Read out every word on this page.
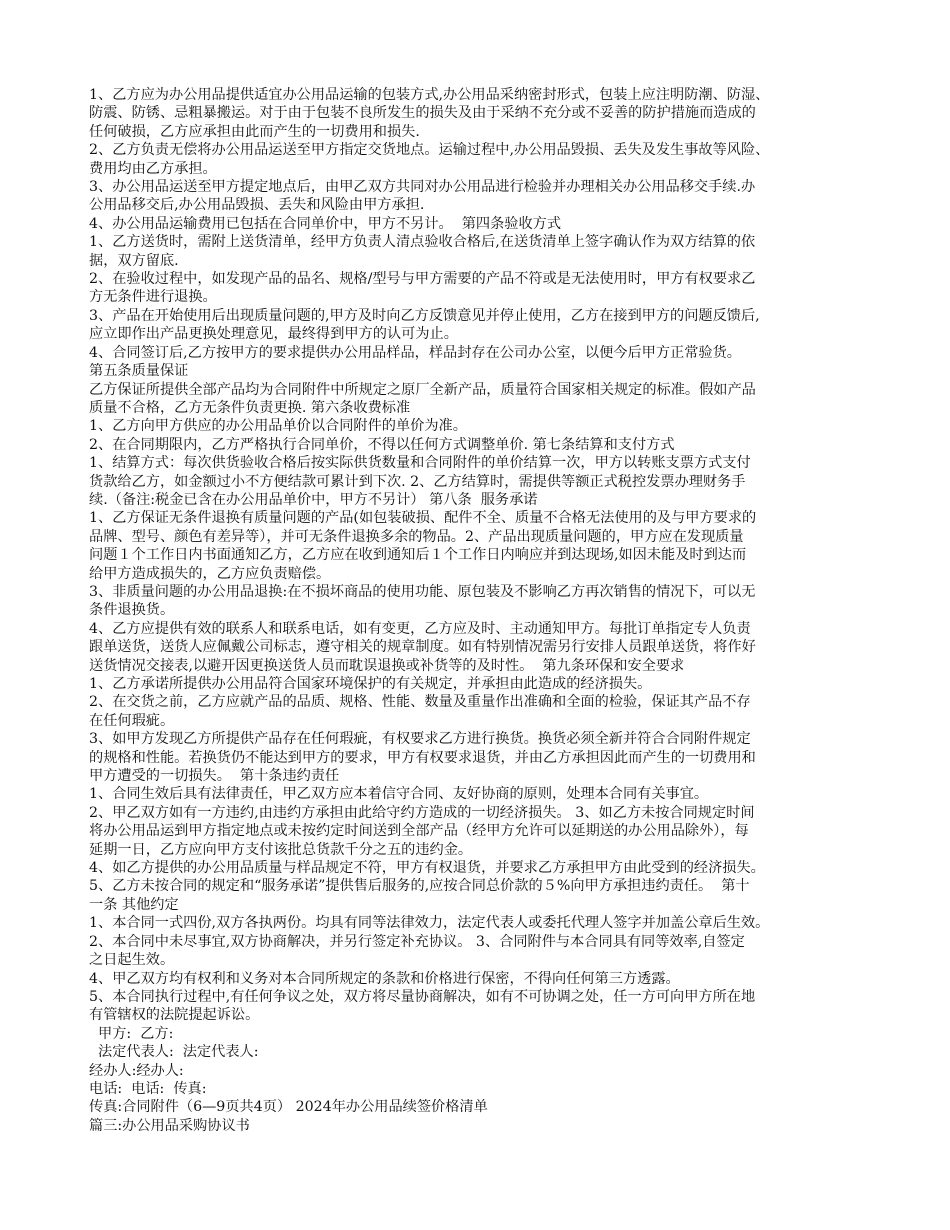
1、乙方应为办公用品提供适宜办公用品运输的包装方式,办公用品采纳密封形式，包装上应注明防潮、防湿、
防震、防锈、忌粗暴搬运。对于由于包装不良所发生的损失及由于采纳不充分或不妥善的防护措施而造成的
任何破损，乙方应承担由此而产生的一切费用和损失.
2、乙方负责无偿将办公用品运送至甲方指定交货地点。运输过程中,办公用品毁损、丢失及发生事故等风险、
费用均由乙方承担。
3、办公用品运送至甲方提定地点后，由甲乙双方共同对办公用品进行检验并办理相关办公用品移交手续.办
公用品移交后,办公用品毁损、丢失和风险由甲方承担.
4、办公用品运输费用已包括在合同单价中，甲方不另计。  第四条验收方式
1、乙方送货时，需附上送货清单，经甲方负责人清点验收合格后,在送货清单上签字确认作为双方结算的依
据，双方留底.
2、在验收过程中，如发现产品的品名、规格/型号与甲方需要的产品不符或是无法使用时，甲方有权要求乙
方无条件进行退换。
3、产品在开始使用后出现质量问题的,甲方及时向乙方反馈意见并停止使用，乙方在接到甲方的问题反馈后,
应立即作出产品更换处理意见，最终得到甲方的认可为止。
4、合同签订后,乙方按甲方的要求提供办公用品样品，样品封存在公司办公室，以便今后甲方正常验货。
第五条质量保证
乙方保证所提供全部产品均为合同附件中所规定之原厂全新产品，质量符合国家相关规定的标准。假如产品
质量不合格，乙方无条件负责更换. 第六条收费标准
1、乙方向甲方供应的办公用品单价以合同附件的单价为准。
2、在合同期限内，乙方严格执行合同单价，不得以任何方式调整单价. 第七条结算和支付方式
1、结算方式：每次供货验收合格后按实际供货数量和合同附件的单价结算一次，甲方以转账支票方式支付
货款给乙方，如金额过小不方便结款可累计到下次. 2、乙方结算时，需提供等额正式税控发票办理财务手
续.（备注:税金已含在办公用品单价中，甲方不另计） 第八条  服务承诺
1、乙方保证无条件退换有质量问题的产品(如包装破损、配件不全、质量不合格无法使用的及与甲方要求的
品牌、型号、颜色有差异等），并可无条件退换多余的物品。2、产品出现质量问题的，甲方应在发现质量
问题１个工作日内书面通知乙方，乙方应在收到通知后１个工作日内响应并到达现场,如因未能及时到达而
给甲方造成损失的，乙方应负责赔偿。
3、非质量问题的办公用品退换:在不损坏商品的使用功能、原包装及不影响乙方再次销售的情况下，可以无
条件退换货。
4、乙方应提供有效的联系人和联系电话，如有变更，乙方应及时、主动通知甲方。每批订单指定专人负责
跟单送货，送货人应佩戴公司标志，遵守相关的规章制度。如有特别情况需另行安排人员跟单送货，将作好
送货情况交接表,以避开因更换送货人员而耽误退换或补货等的及时性。  第九条环保和安全要求
1、乙方承诺所提供办公用品符合国家环境保护的有关规定，并承担由此造成的经济损失。
2、在交货之前，乙方应就产品的品质、规格、性能、数量及重量作出准确和全面的检验，保证其产品不存
在任何瑕疵。
3、如甲方发现乙方所提供产品存在任何瑕疵，有权要求乙方进行换货。换货必须全新并符合合同附件规定
的规格和性能。若换货仍不能达到甲方的要求，甲方有权要求退货，并由乙方承担因此而产生的一切费用和
甲方遭受的一切损失。  第十条违约责任
1、合同生效后具有法律责任，甲乙双方应本着信守合同、友好协商的原则，处理本合同有关事宜。
2、甲乙双方如有一方违约,由违约方承担由此给守约方造成的一切经济损失。 3、如乙方未按合同规定时间
将办公用品运到甲方指定地点或未按约定时间送到全部产品（经甲方允许可以延期送的办公用品除外），每
延期一日，乙方应向甲方支付该批总货款千分之五的违约金。
4、如乙方提供的办公用品质量与样品规定不符，甲方有权退货，并要求乙方承担甲方由此受到的经济损失。
5、乙方未按合同的规定和“服务承诺”提供售后服务的,应按合同总价款的５%向甲方承担违约责任。  第十
一条 其他约定
1、本合同一式四份,双方各执两份。均具有同等法律效力，法定代表人或委托代理人签字并加盖公章后生效。
2、本合同中未尽事宜,双方协商解决，并另行签定补充协议。 3、合同附件与本合同具有同等效率,自签定
之日起生效。
4、甲乙双方均有权利和义务对本合同所规定的条款和价格进行保密，不得向任何第三方透露。
5、本合同执行过程中,有任何争议之处，双方将尽量协商解决，如有不可协调之处，任一方可向甲方所在地
有管辖权的法院提起诉讼。
甲方:  乙方:
法定代表人:  法定代表人:
经办人:经办人:
电话:  电话:  传真:
传真:合同附件（6—9页共4页） 2024年办公用品续签价格清单
篇三:办公用品采购协议书
